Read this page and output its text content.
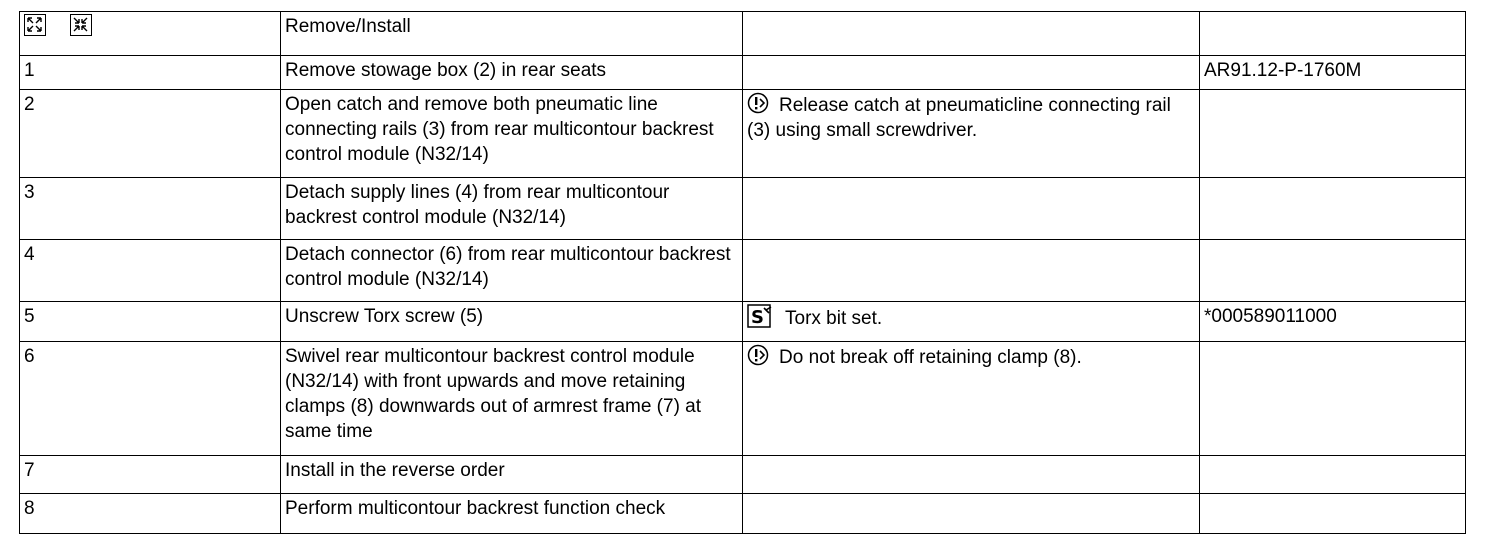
	Remove/Install		
1	Remove stowage box (2) in rear seats		AR91.12-P-1760M
2	Open catch and remove both pneumatic line connecting rails (3) from rear multicontour backrest control module (N32/14)	Release catch at pneumaticline connecting rail (3) using small screwdriver.	
3	Detach supply lines (4) from rear multicontour backrest control module (N32/14)		
4	Detach connector (6) from rear multicontour backrest control module (N32/14)		
5	Unscrew Torx screw (5)	S Torx bit set.	*000589011000
6	Swivel rear multicontour backrest control module (N32/14) with front upwards and move retaining clamps (8) downwards out of armrest frame (7) at same time	Do not break off retaining clamp (8).	
7	Install in the reverse order		
8	Perform multicontour backrest function check		
